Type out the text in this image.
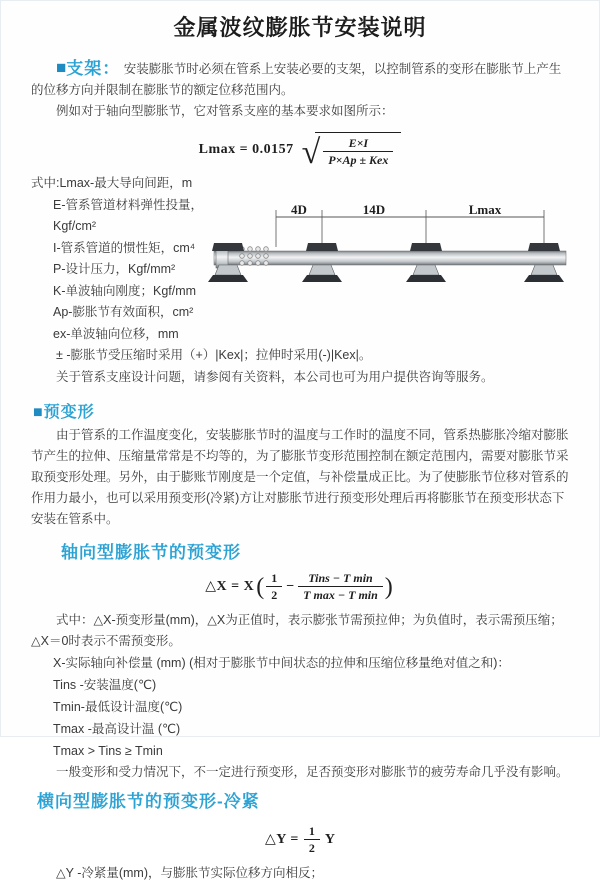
金属波纹膨胀节安装说明

■支架： 安装膨胀节时必须在管系上安装必要的支架，以控制管系的变形在膨胀节上产生的位移方向并限制在膨胀节的额定位移范围内。

例如对于轴向型膨胀节，它对管系支座的基本要求如图所示：

Lmax = 0.0157 √ $\frac{E\times I}{\text{P×Ap ± Kex}}$
式中:Lmax-最大导向间距，m
E-管系管道材料弹性投量，Kgf/cm²
I-管系管道的惯性矩，cm⁴
P-设计压力，Kgf/mm²
K-单波轴向刚度；Kgf/mm
Ap-膨胀节有效面积，cm²
ex-单波轴向位移，mm
4D	14D	Lmax

± -膨胀节受压缩时采用（+）|Kex|；拉伸时采用(-)|Kex|。

关于管系支座设计问题，请参阅有关资料，本公司也可为用户提供咨询等服务。

■预变形

由于管系的工作温度变化，安装膨胀节时的温度与工作时的温度不同，管系热膨胀冷缩对膨胀节产生的拉伸、压缩量常常是不均等的，为了膨胀节变形范围控制在额定范围内，需要对膨胀节采取预变形处理。另外，由于膨账节刚度是一个定值，与补偿量成正比。为了使膨胀节位移对管系的作用力最小，也可以采用预变形(冷紧)方让对膨胀节进行预变形处理后再将膨胀节在预变形状态下安装在管系中。

轴向型膨胀节的预变形
△X = X ( $\frac{1}{2} - \frac{\text{Tins − T min}}{\text{T max − T min}}$ )

式中：△X-预变形量(mm)，△X为正值时，表示膨张节需预拉伸；为负值时，表示需预压缩；△X＝0时表示不需预变形。

X-实际轴向补偿量 (mm) (相对于膨胀节中间状态的拉伸和压缩位移量绝对值之和)：

Tins -安装温度(℃)
Tmin-最低设计温度(℃)
Tmax -最高设计温 (℃)
Tmax > Tins ≥ Tmin

一般变形和受力情况下，不一定进行预变形，足否预变形对膨胀节的疲劳寿命几乎没有影响。

横向型膨胀节的预变形-冷紧
△Y = $\frac{1}{2}$ Y

△Y -冷紧量(mm)，与膨胀节实际位移方向相反；
